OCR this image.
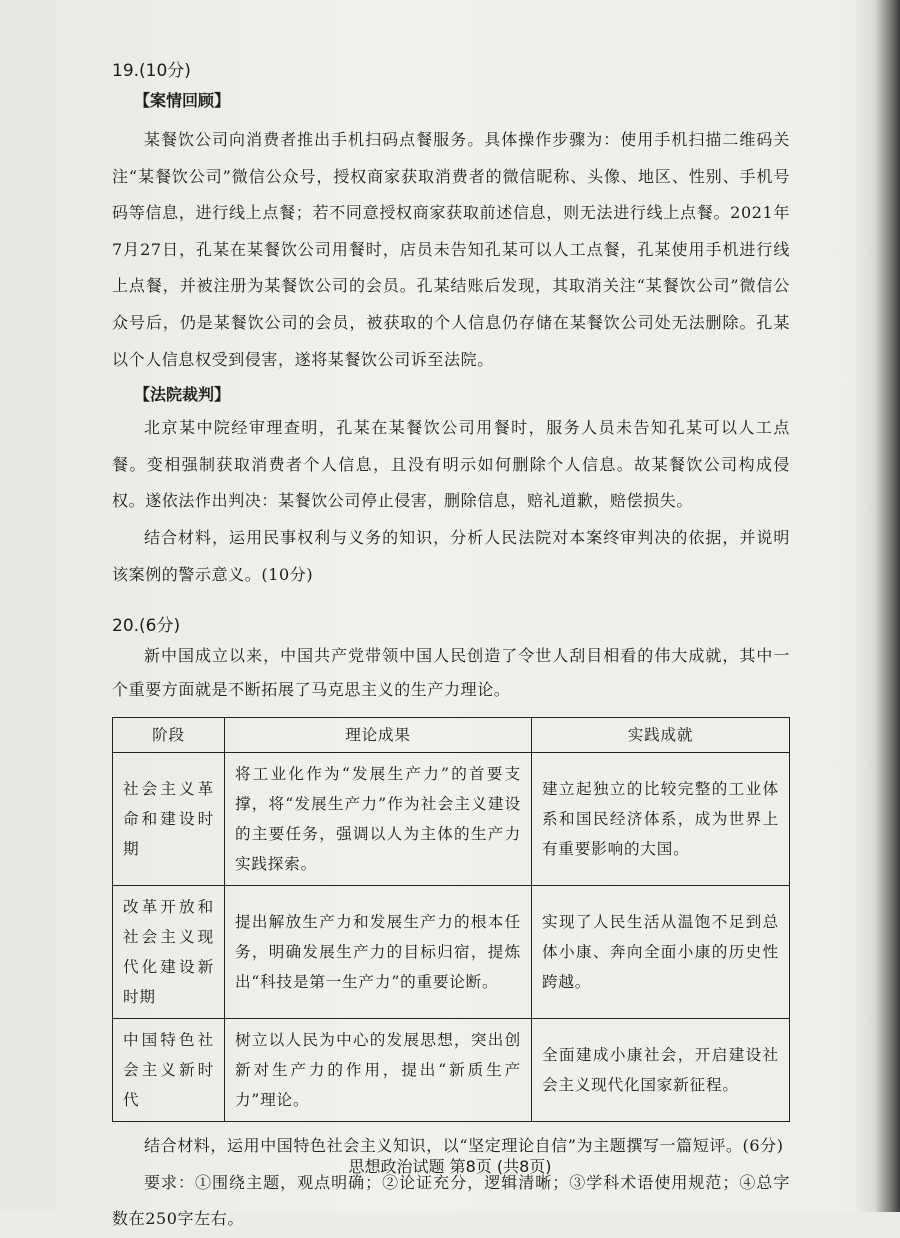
19.(10分)

【案情回顾】

某餐饮公司向消费者推出手机扫码点餐服务。具体操作步骤为：使用手机扫描二维码关注“某餐饮公司”微信公众号，授权商家获取消费者的微信昵称、头像、地区、性别、手机号码等信息，进行线上点餐；若不同意授权商家获取前述信息，则无法进行线上点餐。2021年7月27日，孔某在某餐饮公司用餐时，店员未告知孔某可以人工点餐，孔某使用手机进行线上点餐，并被注册为某餐饮公司的会员。孔某结账后发现，其取消关注“某餐饮公司”微信公众号后，仍是某餐饮公司的会员，被获取的个人信息仍存储在某餐饮公司处无法删除。孔某以个人信息权受到侵害，遂将某餐饮公司诉至法院。

【法院裁判】

北京某中院经审理查明，孔某在某餐饮公司用餐时，服务人员未告知孔某可以人工点餐。变相强制获取消费者个人信息，且没有明示如何删除个人信息。故某餐饮公司构成侵权。遂依法作出判决：某餐饮公司停止侵害，删除信息，赔礼道歉，赔偿损失。

结合材料，运用民事权利与义务的知识，分析人民法院对本案终审判决的依据，并说明该案例的警示意义。(10分)

20.(6分)

新中国成立以来，中国共产党带领中国人民创造了令世人刮目相看的伟大成就，其中一个重要方面就是不断拓展了马克思主义的生产力理论。

阶段	理论成果	实践成就
社会主义革命和建设时期	将工业化作为“发展生产力”的首要支撑，将“发展生产力”作为社会主义建设的主要任务，强调以人为主体的生产力实践探索。	建立起独立的比较完整的工业体系和国民经济体系，成为世界上有重要影响的大国。
改革开放和社会主义现代化建设新时期	提出解放生产力和发展生产力的根本任务，明确发展生产力的目标归宿，提炼出“科技是第一生产力”的重要论断。	实现了人民生活从温饱不足到总体小康、奔向全面小康的历史性跨越。
中国特色社会主义新时代	树立以人民为中心的发展思想，突出创新对生产力的作用，提出“新质生产力”理论。	全面建成小康社会，开启建设社会主义现代化国家新征程。

结合材料，运用中国特色社会主义知识，以“坚定理论自信”为主题撰写一篇短评。(6分)

要求：①围绕主题，观点明确；②论证充分，逻辑清晰；③学科术语使用规范；④总字数在250字左右。

思想政治试题 第8页 (共8页)
